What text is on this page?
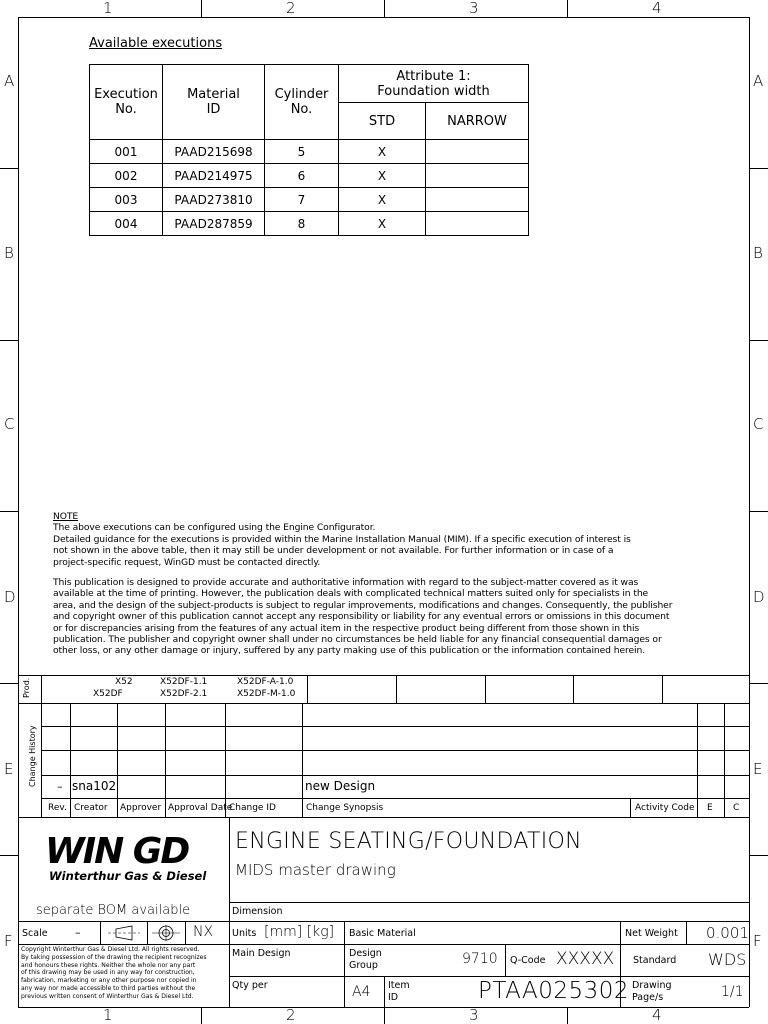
1	2	3	4
1	2	3	4
A
B
C
D
E
F
A
B
C
D
E
F
Available executions
Execution No.	Material ID	Cylinder No.	Attribute 1: Foundation width	
			STD	NARROW
001	PAAD215698	5	X	
002	PAAD214975	6	X	
003	PAAD273810	7	X	
004	PAAD287859	8	X	
NOTE
The above executions can be configured using the Engine Configurator.
Detailed guidance for the executions is provided within the Marine Installation Manual (MIM). If a specific execution of interest is
not shown in the above table, then it may still be under development or not available. For further information or in case of a
project-specific request, WinGD must be contacted directly.
This publication is designed to provide accurate and authoritative information with regard to the subject-matter covered as it was
available at the time of printing. However, the publication deals with complicated technical matters suited only for specialists in the
area, and the design of the subject-products is subject to regular improvements, modifications and changes. Consequently, the publisher
and copyright owner of this publication cannot accept any responsibility or liability for any eventual errors or omissions in this document
or for discrepancies arising from the features of any actual item in the respective product being different from those shown in this
publication. The publisher and copyright owner shall under no circumstances be held liable for any financial consequential damages or
other loss, or any other damage or injury, suffered by any party making use of this publication or the information contained herein.
Prod.	X52	X52DF-1.1	X52DF-A-1.0
X52DF	X52DF-2.1	X52DF-M-1.0
Change History – sna102	new Design
Rev. Creator Approver Approval Date
Change ID	Change Synopsis	Activity Code E C
WIN GD
Winterthur Gas & Diesel
ENGINE SEATING/FOUNDATION
MIDS master drawing
separate BOM available	Dimension
Scale –	NX Units [mm] [kg] Basic Material	Net Weight 0.001
Copyright Winterthur Gas & Diesel Ltd. All rights reserved.
By taking possession of the drawing the recipient recognizes
and honours these rights. Neither the whole nor any part
of this drawing may be used in any way for construction,
fabrication, marketing or any other purpose nor copied in
any way nor made accessible to third parties without the
previous written consent of Winterthur Gas & Diesel Ltd.
Main Design	Design Group	9710 Q-Code XXXXX Standard WDS
Qty per	A4 Item ID	PTAA025302 Drawing Page/s	1/1
